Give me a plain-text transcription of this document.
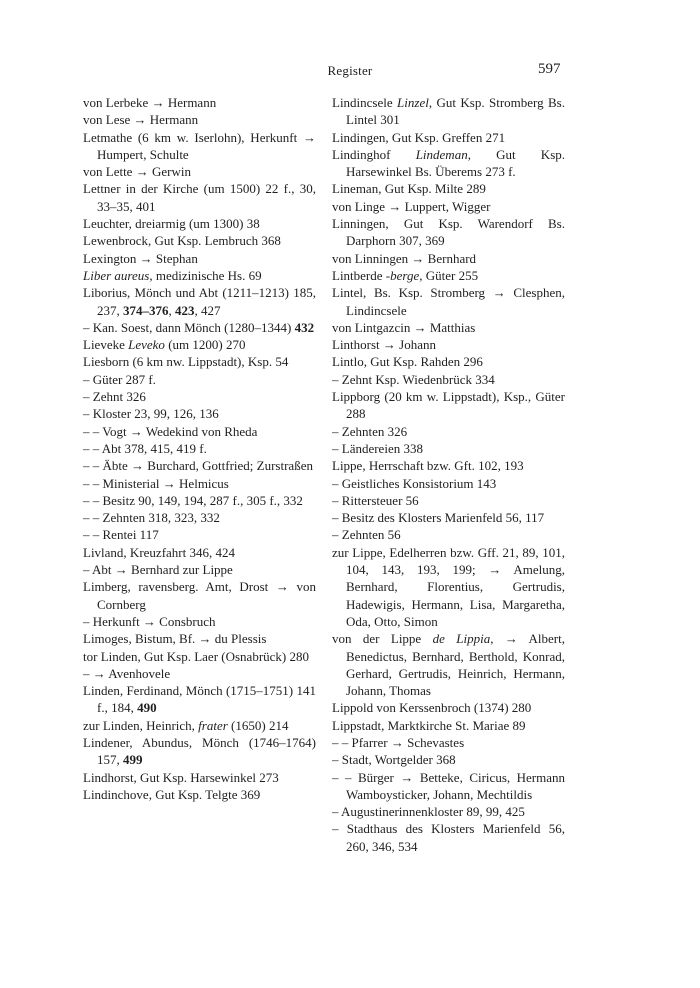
Register	597
von Lerbeke → Hermann
von Lese → Hermann
Letmathe (6 km w. Iserlohn), Herkunft → Humpert, Schulte
von Lette → Gerwin
Lettner in der Kirche (um 1500) 22 f., 30, 33–35, 401
Leuchter, dreiarmig (um 1300) 38
Lewenbrock, Gut Ksp. Lembruch 368
Lexington → Stephan
Liber aureus, medizinische Hs. 69
Liborius, Mönch und Abt (1211–1213) 185, 237, 374–376, 423, 427
– Kan. Soest, dann Mönch (1280–1344) 432
Lieveke Leveko (um 1200) 270
Liesborn (6 km nw. Lippstadt), Ksp. 54
– Güter 287 f.
– Zehnt 326
– Kloster 23, 99, 126, 136
– – Vogt → Wedekind von Rheda
– – Abt 378, 415, 419 f.
– – Äbte → Burchard, Gottfried; Zurstraßen
– – Ministerial → Helmicus
– – Besitz 90, 149, 194, 287 f., 305 f., 332
– – Zehnten 318, 323, 332
– – Rentei 117
Livland, Kreuzfahrt 346, 424
– Abt → Bernhard zur Lippe
Limberg, ravensberg. Amt, Drost → von Cornberg
– Herkunft → Consbruch
Limoges, Bistum, Bf. → du Plessis
tor Linden, Gut Ksp. Laer (Osnabrück) 280
– → Avenhovele
Linden, Ferdinand, Mönch (1715–1751) 141 f., 184, 490
zur Linden, Heinrich, frater (1650) 214
Lindener, Abundus, Mönch (1746–1764) 157, 499
Lindhorst, Gut Ksp. Harsewinkel 273
Lindinchove, Gut Ksp. Telgte 369
Lindincsele Linzel, Gut Ksp. Stromberg Bs. Lintel 301
Lindingen, Gut Ksp. Greffen 271
Lindinghof Lindeman, Gut Ksp. Harsewinkel Bs. Überems 273 f.
Lineman, Gut Ksp. Milte 289
von Linge → Luppert, Wigger
Linningen, Gut Ksp. Warendorf Bs. Darphorn 307, 369
von Linningen → Bernhard
Lintberde -berge, Güter 255
Lintel, Bs. Ksp. Stromberg → Clesphen, Lindincsele
von Lintgazcin → Matthias
Linthorst → Johann
Lintlo, Gut Ksp. Rahden 296
– Zehnt Ksp. Wiedenbrück 334
Lippborg (20 km w. Lippstadt), Ksp., Güter 288
– Zehnten 326
– Ländereien 338
Lippe, Herrschaft bzw. Gft. 102, 193
– Geistliches Konsistorium 143
– Rittersteuer 56
– Besitz des Klosters Marienfeld 56, 117
– Zehnten 56
zur Lippe, Edelherren bzw. Gff. 21, 89, 101, 104, 143, 193, 199; → Amelung, Bernhard, Florentius, Gertrudis, Hadewigis, Hermann, Lisa, Margaretha, Oda, Otto, Simon
von der Lippe de Lippia, → Albert, Benedictus, Bernhard, Berthold, Konrad, Gerhard, Gertrudis, Heinrich, Hermann, Johann, Thomas
Lippold von Kerssenbroch (1374) 280
Lippstadt, Marktkirche St. Mariae 89
– – Pfarrer → Schevastes
– Stadt, Wortgelder 368
– – Bürger → Betteke, Ciricus, Hermann Wamboysticker, Johann, Mechtildis
– Augustinerinnenkloster 89, 99, 425
– Stadthaus des Klosters Marienfeld 56, 260, 346, 534
